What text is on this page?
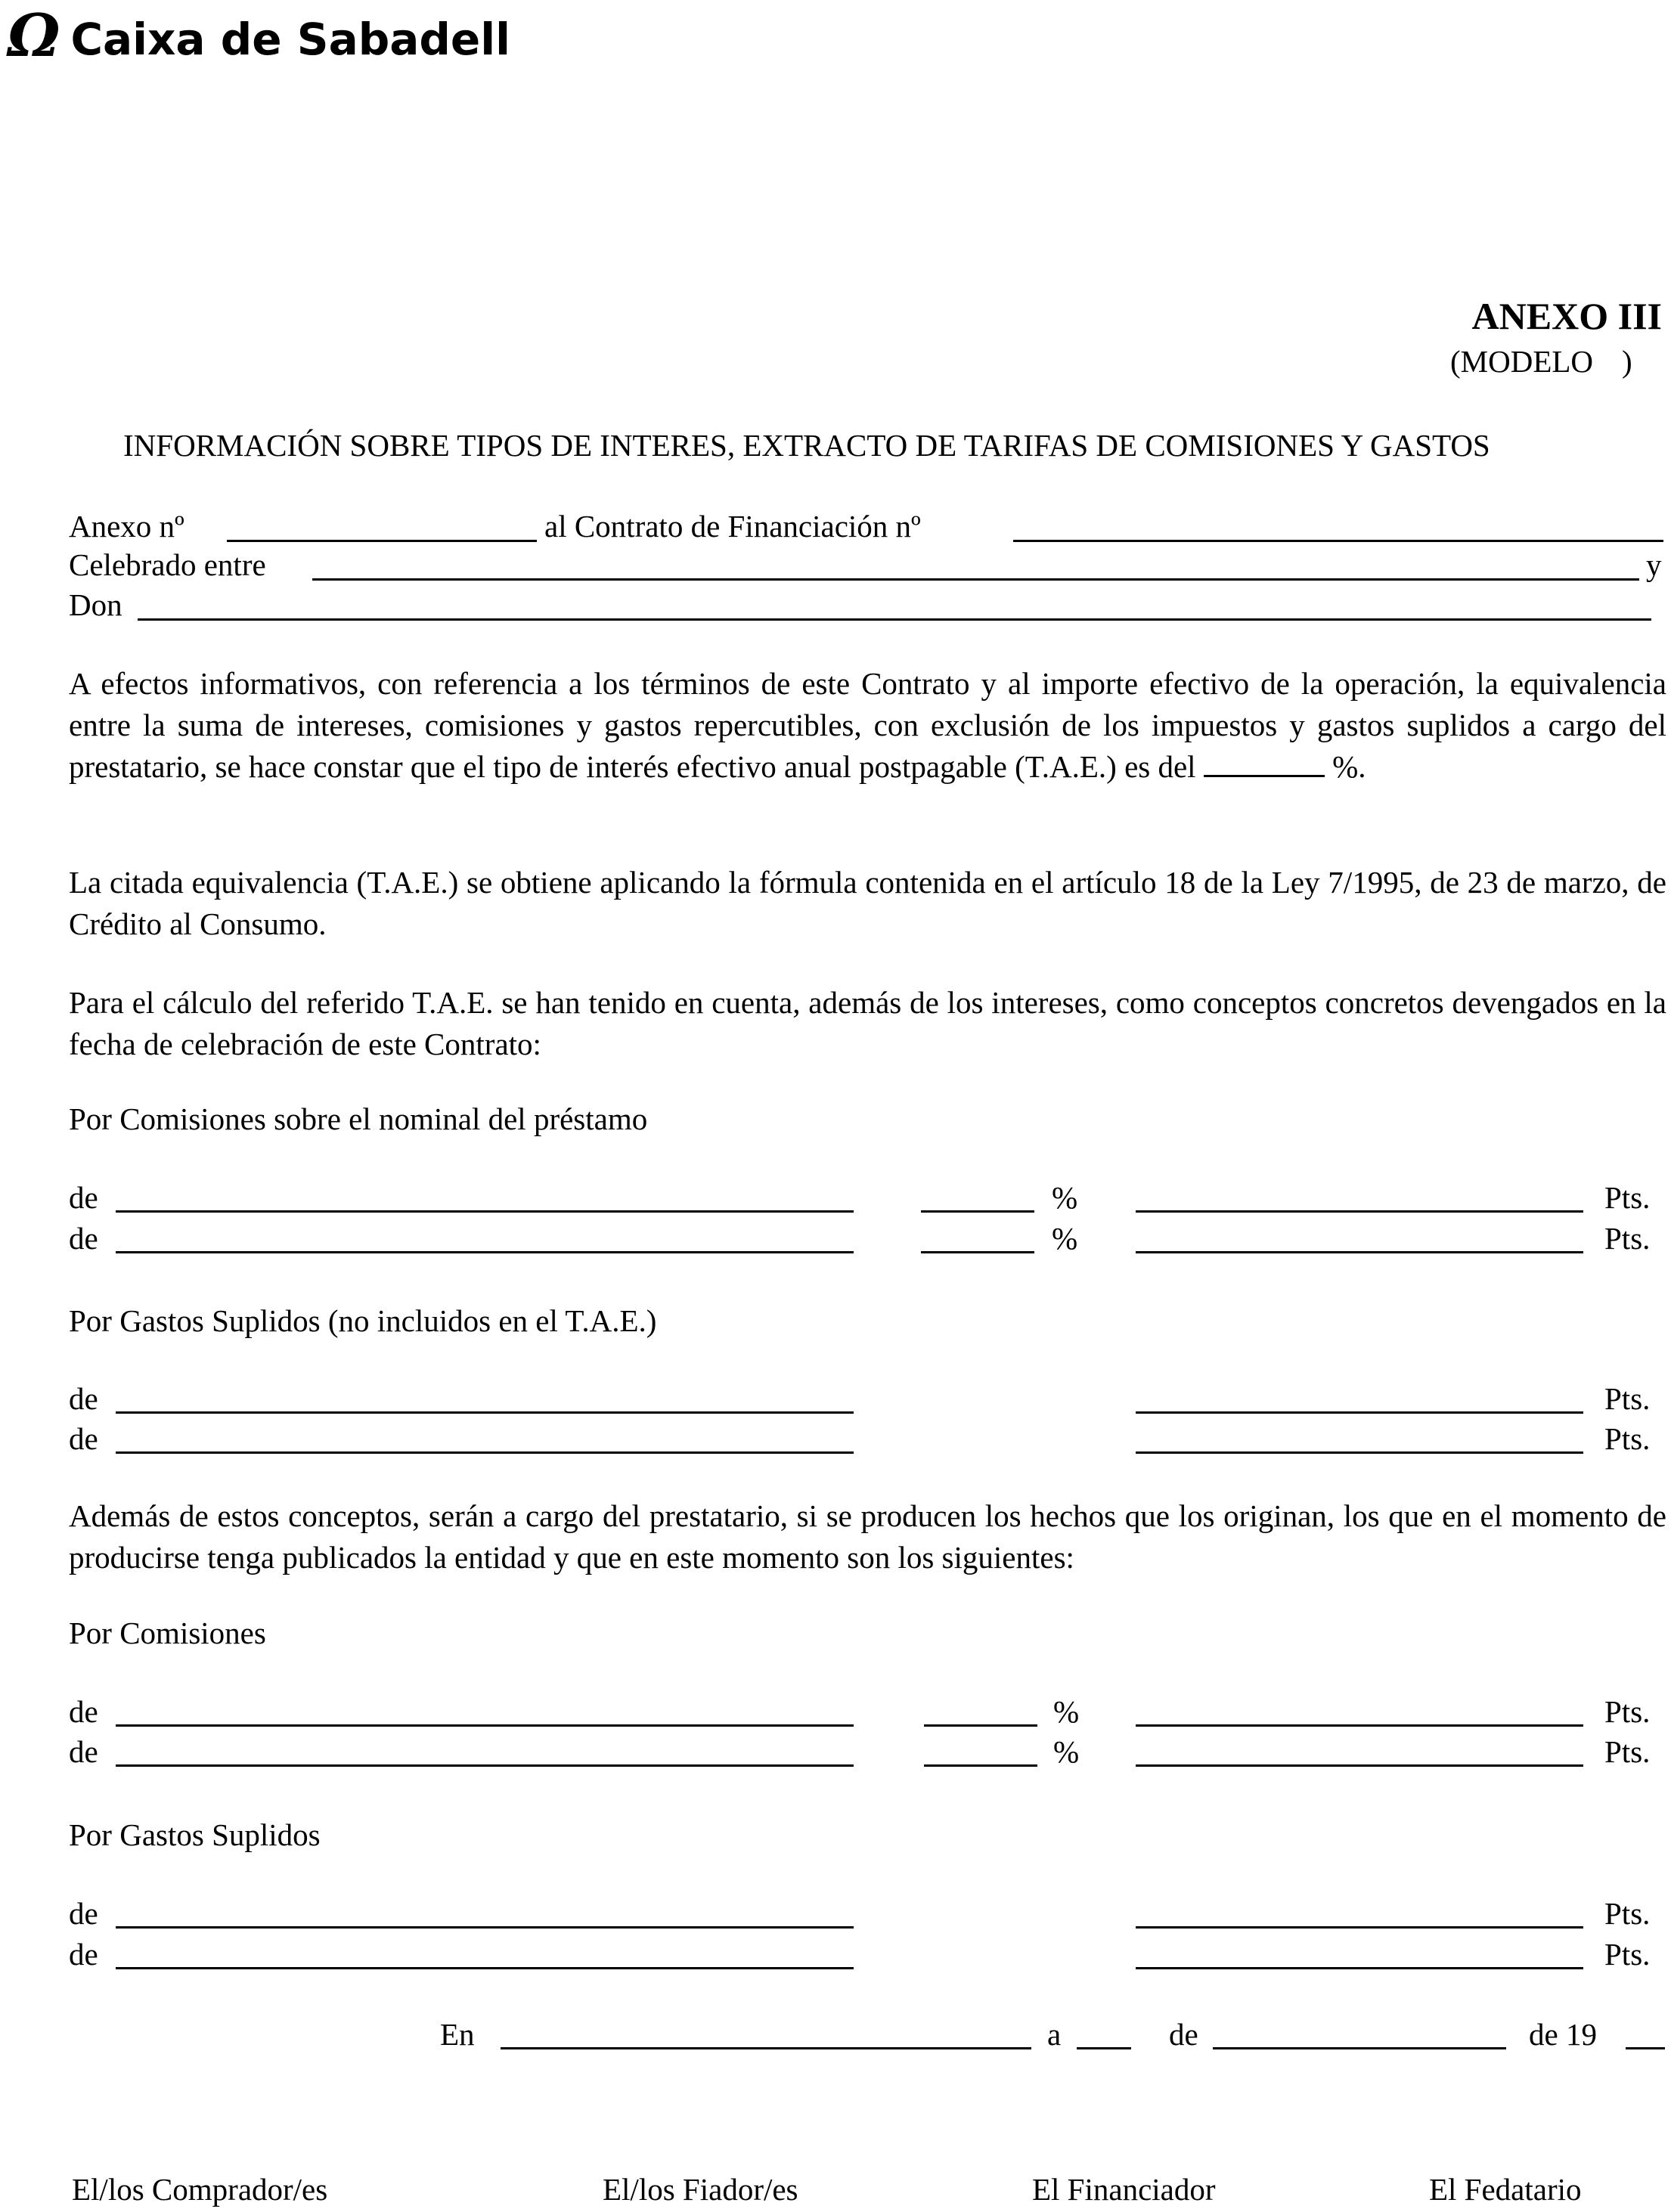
Ω Caixa de Sabadell
ANEXO III
(MODELO )
INFORMACIÓN SOBRE TIPOS DE INTERES, EXTRACTO DE TARIFAS DE COMISIONES Y GASTOS
Anexo nº	al Contrato de Financiación nº
Celebrado entre	y
Don
A efectos informativos, con referencia a los términos de este Contrato y al importe efectivo de la operación, la equivalencia entre la suma de intereses, comisiones y gastos repercutibles, con exclusión de los impuestos y gastos suplidos a cargo del prestatario, se hace constar que el tipo de interés efectivo anual postpagable (T.A.E.) es del	%.
La citada equivalencia (T.A.E.) se obtiene aplicando la fórmula contenida en el artículo 18 de la Ley 7/1995, de 23 de marzo, de Crédito al Consumo.
Para el cálculo del referido T.A.E. se han tenido en cuenta, además de los intereses, como conceptos concretos devengados en la fecha de celebración de este Contrato:
Por Comisiones sobre el nominal del préstamo
de	%	Pts.
de	%	Pts.
Por Gastos Suplidos (no incluidos en el T.A.E.)
de	Pts.
de	Pts.
Además de estos conceptos, serán a cargo del prestatario, si se producen los hechos que los originan, los que en el momento de producirse tenga publicados la entidad y que en este momento son los siguientes:
Por Comisiones
de	%	Pts.
de	%	Pts.
Por Gastos Suplidos
de	Pts.
de	Pts.
En	a	de	de 19
El/los Comprador/es	El/los Fiador/es	El Financiador	El Fedatario
